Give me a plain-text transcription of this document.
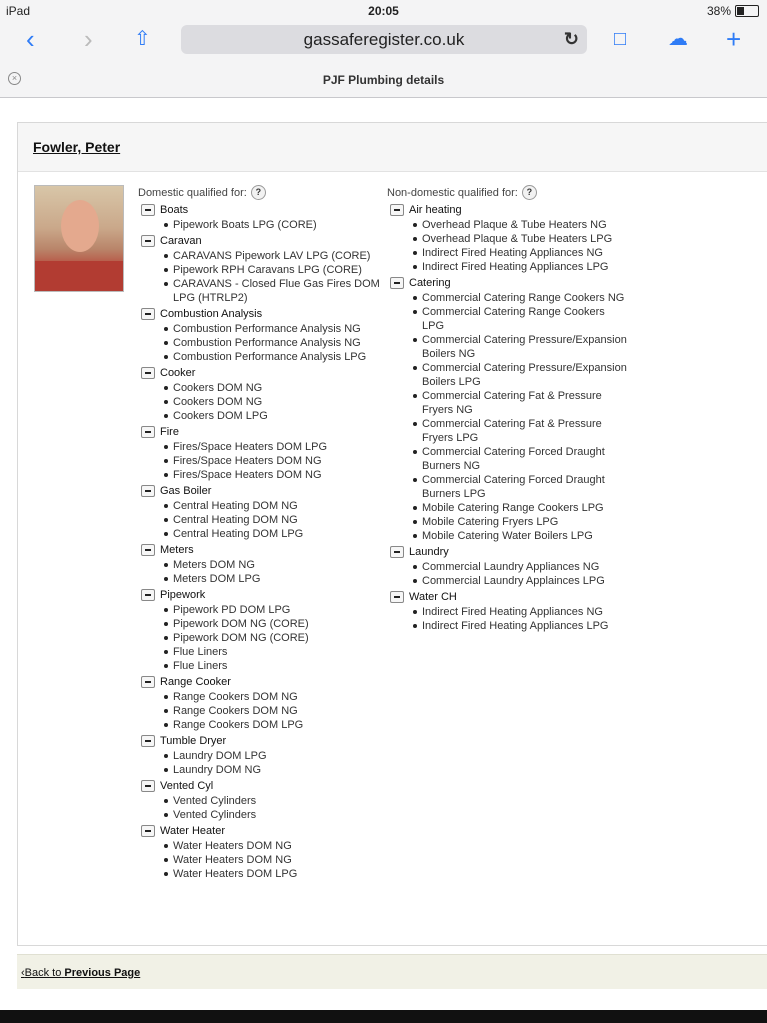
iPad	20:05	38%
‹ › ⇧	gassaferegister.co.uk	↻ □ ☁ +
×	PJF Plumbing details
Fowler, Peter
Domestic qualified for: ?
Boats
Pipework Boats LPG (CORE)
Caravan
CARAVANS Pipework LAV LPG (CORE)
Pipework RPH Caravans LPG (CORE)
CARAVANS - Closed Flue Gas Fires DOM LPG (HTRLP2)
Combustion Analysis
Combustion Performance Analysis NG
Combustion Performance Analysis NG
Combustion Performance Analysis LPG
Cooker
Cookers DOM NG
Cookers DOM NG
Cookers DOM LPG
Fire
Fires/Space Heaters DOM LPG
Fires/Space Heaters DOM NG
Fires/Space Heaters DOM NG
Gas Boiler
Central Heating DOM NG
Central Heating DOM NG
Central Heating DOM LPG
Meters
Meters DOM NG
Meters DOM LPG
Pipework
Pipework PD DOM LPG
Pipework DOM NG (CORE)
Pipework DOM NG (CORE)
Flue Liners
Flue Liners
Range Cooker
Range Cookers DOM NG
Range Cookers DOM NG
Range Cookers DOM LPG
Tumble Dryer
Laundry DOM LPG
Laundry DOM NG
Vented Cyl
Vented Cylinders
Vented Cylinders
Water Heater
Water Heaters DOM NG
Water Heaters DOM NG
Water Heaters DOM LPG
Non-domestic qualified for: ?
Air heating
Overhead Plaque & Tube Heaters NG
Overhead Plaque & Tube Heaters LPG
Indirect Fired Heating Appliances NG
Indirect Fired Heating Appliances LPG
Catering
Commercial Catering Range Cookers NG
Commercial Catering Range Cookers LPG
Commercial Catering Pressure/Expansion Boilers NG
Commercial Catering Pressure/Expansion Boilers LPG
Commercial Catering Fat & Pressure Fryers NG
Commercial Catering Fat & Pressure Fryers LPG
Commercial Catering Forced Draught Burners NG
Commercial Catering Forced Draught Burners LPG
Mobile Catering Range Cookers LPG
Mobile Catering Fryers LPG
Mobile Catering Water Boilers LPG
Laundry
Commercial Laundry Appliances NG
Commercial Laundry Applainces LPG
Water CH
Indirect Fired Heating Appliances NG
Indirect Fired Heating Appliances LPG
‹Back to Previous Page
